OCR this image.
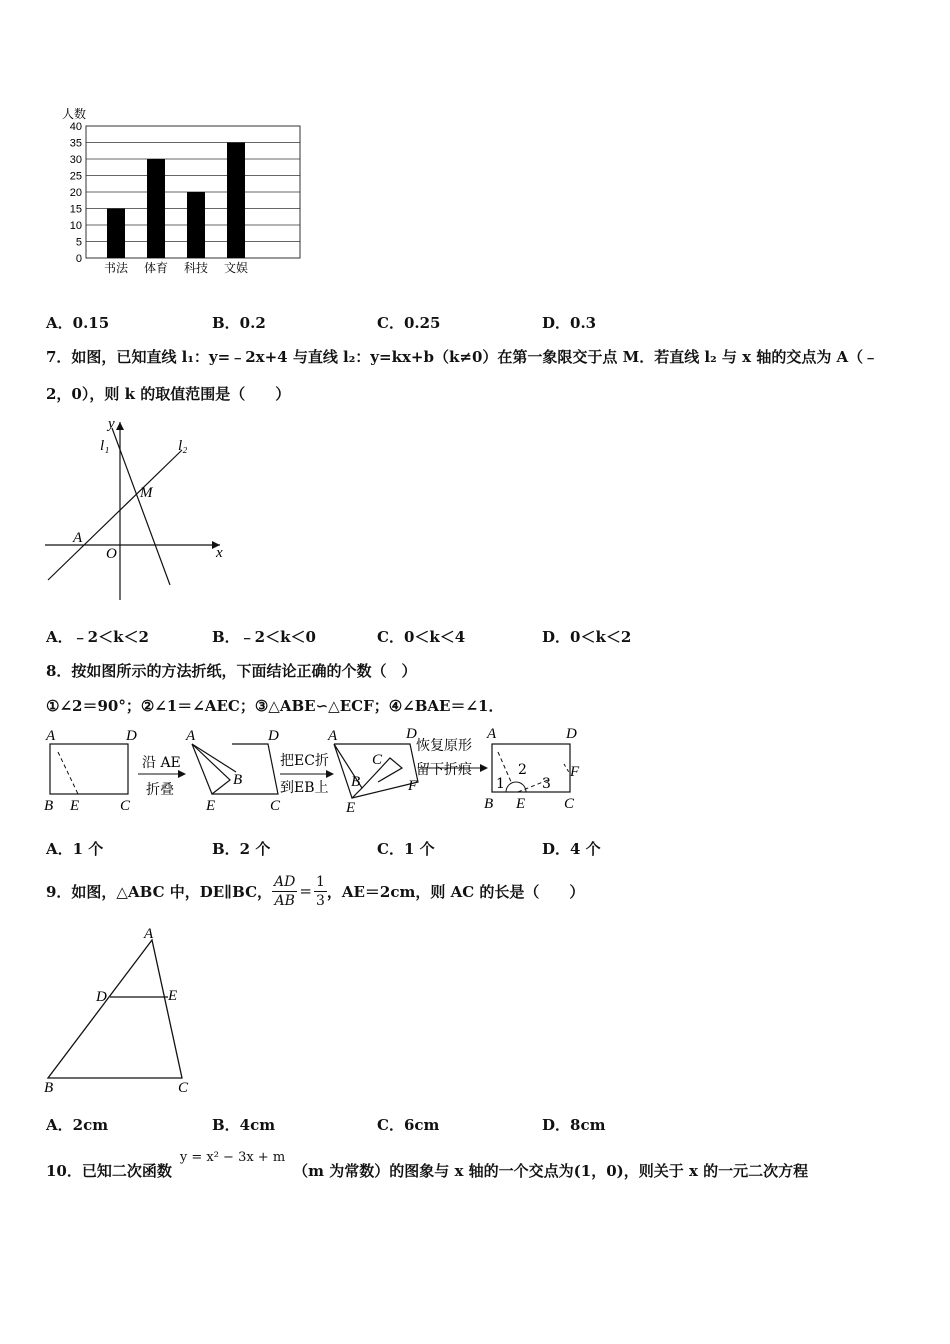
人数
0
5
10
15
20
25
30
35
40
书法 体育 科技 文娱
A．0.15	B．0.2	C．0.25	D．0.3
7．如图，已知直线 l₁：y=﹣2x+4 与直线 l₂：y=kx+b（k≠0）在第一象限交于点 M．若直线 l₂ 与 x 轴的交点为 A（﹣
2，0），则 k 的取值范围是（　　）
y
x
O
A
M
l₁	l₂
A．﹣2＜k＜2	B．﹣2＜k＜0	C．0＜k＜4	D．0＜k＜2
8．按如图所示的方法折纸，下面结论正确的个数（　）
①∠2＝90°；②∠1＝∠AEC；③△ABE∽△ECF；④∠BAE＝∠1．
A	D
B E	C
沿 AE
折叠
A	D
B
E	C
把EC折
到EB上
A	D
C
B
E
F
恢复原形
留下折痕
A	D
B E	C
F
1
2
3
A．1 个	B．2 个	C．1 个	D．4 个
9．如图，△ABC 中，DE∥BC， $\frac{AD}{AB} = \frac{1}{3}$ ，AE＝2cm，则 AC 的长是（　　）
A
B	C
D	E
A．2cm	B．4cm	C．6cm	D．8cm
10．已知二次函数
y = x² − 3x + m
（m 为常数）的图象与 x 轴的一个交点为(1，0)，则关于 x 的一元二次方程
